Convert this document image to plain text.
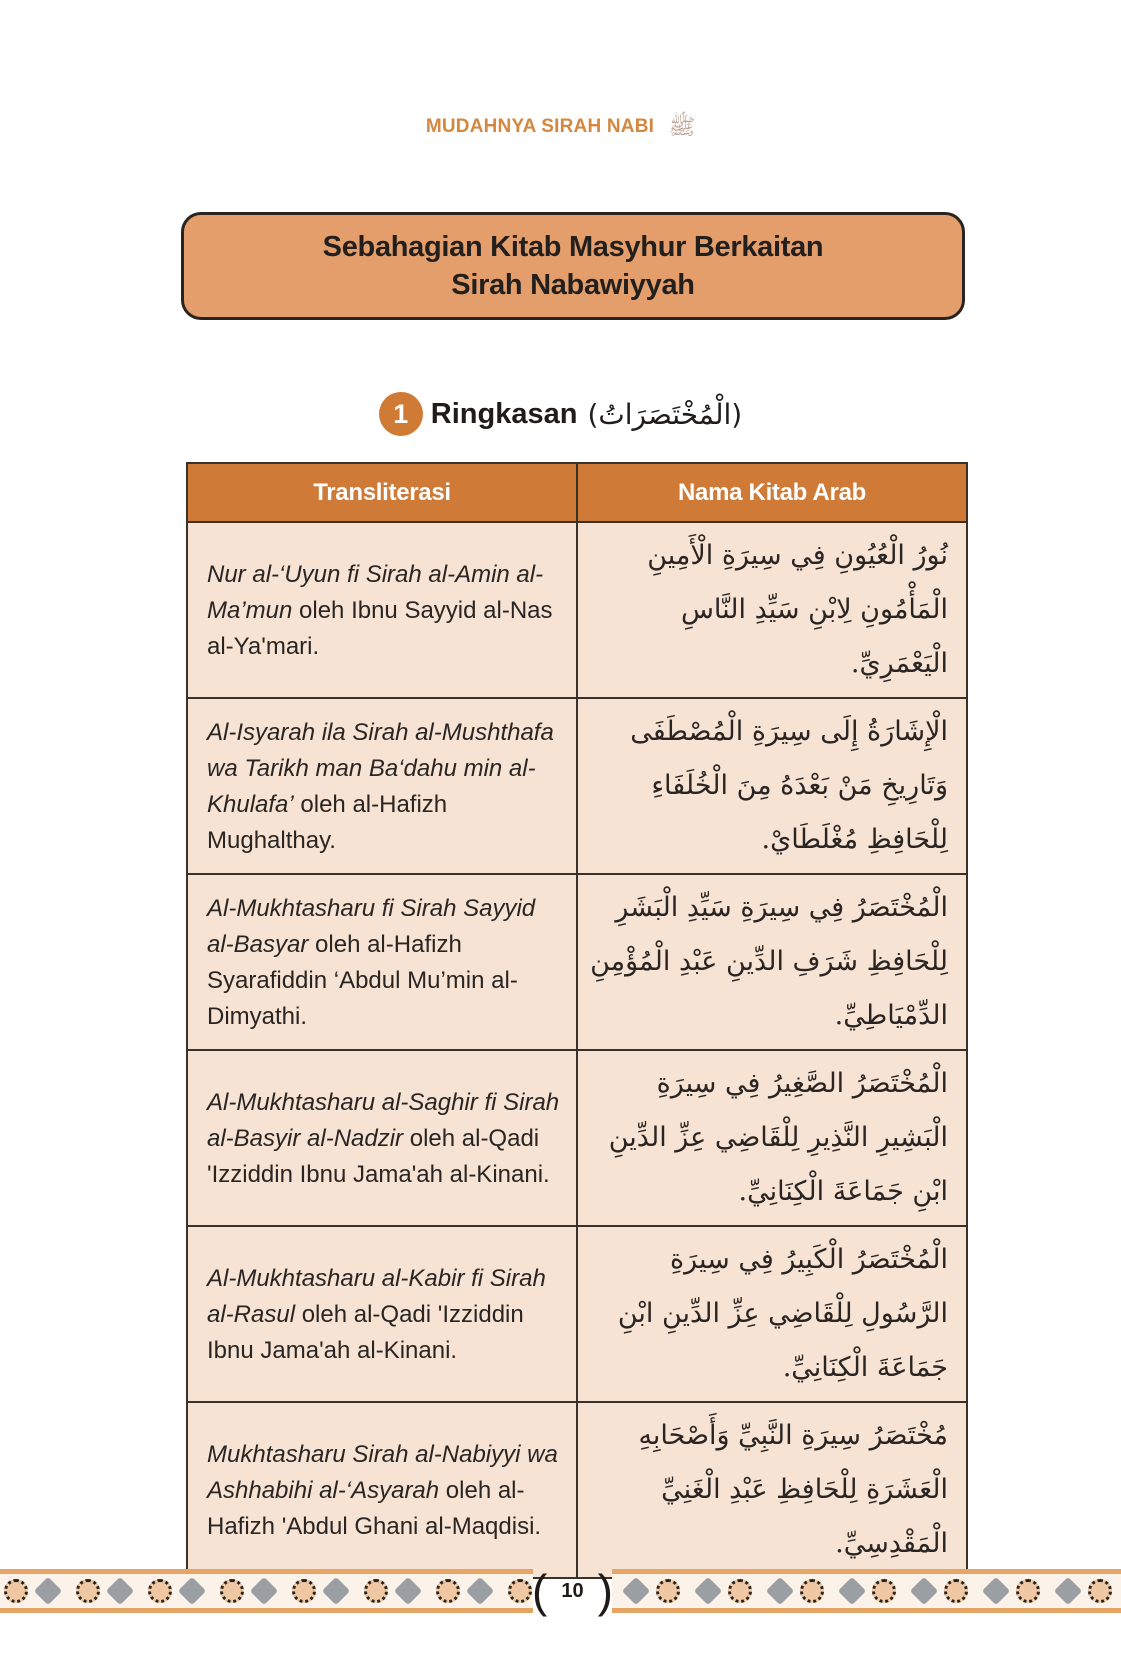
MUDAHNYA SIRAH NABI ﷺ
Sebahagian Kitab Masyhur Berkaitan
Sirah Nabawiyyah
1 Ringkasan (الْمُخْتَصَرَاتُ)
Transliterasi	Nama Kitab Arab
Nur al-‘Uyun fi Sirah al-Amin al-Ma’mun oleh Ibnu Sayyid al-Nas al-Ya'mari.	نُورُ الْعُيُونِ فِي سِيرَةِ الْأَمِينِ الْمَأْمُونِ لِابْنِ سَيِّدِ النَّاسِ الْيَعْمَرِيِّ.
Al-Isyarah ila Sirah al-Mushthafa wa Tarikh man Ba‘dahu min al-Khulafa’ oleh al-Hafizh Mughalthay.	الْإِشَارَةُ إِلَى سِيرَةِ الْمُصْطَفَى وَتَارِيخِ مَنْ بَعْدَهُ مِنَ الْخُلَفَاءِ لِلْحَافِظِ مُغْلَطَايْ.
Al-Mukhtasharu fi Sirah Sayyid al-Basyar oleh al-Hafizh Syarafiddin ‘Abdul Mu’min al-Dimyathi.	الْمُخْتَصَرُ فِي سِيرَةِ سَيِّدِ الْبَشَرِ لِلْحَافِظِ شَرَفِ الدِّينِ عَبْدِ الْمُؤْمِنِ الدِّمْيَاطِيِّ.
Al-Mukhtasharu al-Saghir fi Sirah al-Basyir al-Nadzir oleh al-Qadi 'Izziddin Ibnu Jama'ah al-Kinani.	الْمُخْتَصَرُ الصَّغِيرُ فِي سِيرَةِ الْبَشِيرِ النَّذِيرِ لِلْقَاضِي عِزِّ الدِّينِ ابْنِ جَمَاعَةَ الْكِنَانِيِّ.
Al-Mukhtasharu al-Kabir fi Sirah al-Rasul oleh al-Qadi 'Izziddin Ibnu Jama'ah al-Kinani.	الْمُخْتَصَرُ الْكَبِيرُ فِي سِيرَةِ الرَّسُولِ لِلْقَاضِي عِزِّ الدِّينِ ابْنِ جَمَاعَةَ الْكِنَانِيِّ.
Mukhtasharu Sirah al-Nabiyyi wa Ashhabihi al-‘Asyarah oleh al-Hafizh 'Abdul Ghani al-Maqdisi.	مُخْتَصَرُ سِيرَةِ النَّبِيِّ وَأَصْحَابِهِ الْعَشَرَةِ لِلْحَافِظِ عَبْدِ الْغَنِيِّ الْمَقْدِسِيِّ.
( 10 )
